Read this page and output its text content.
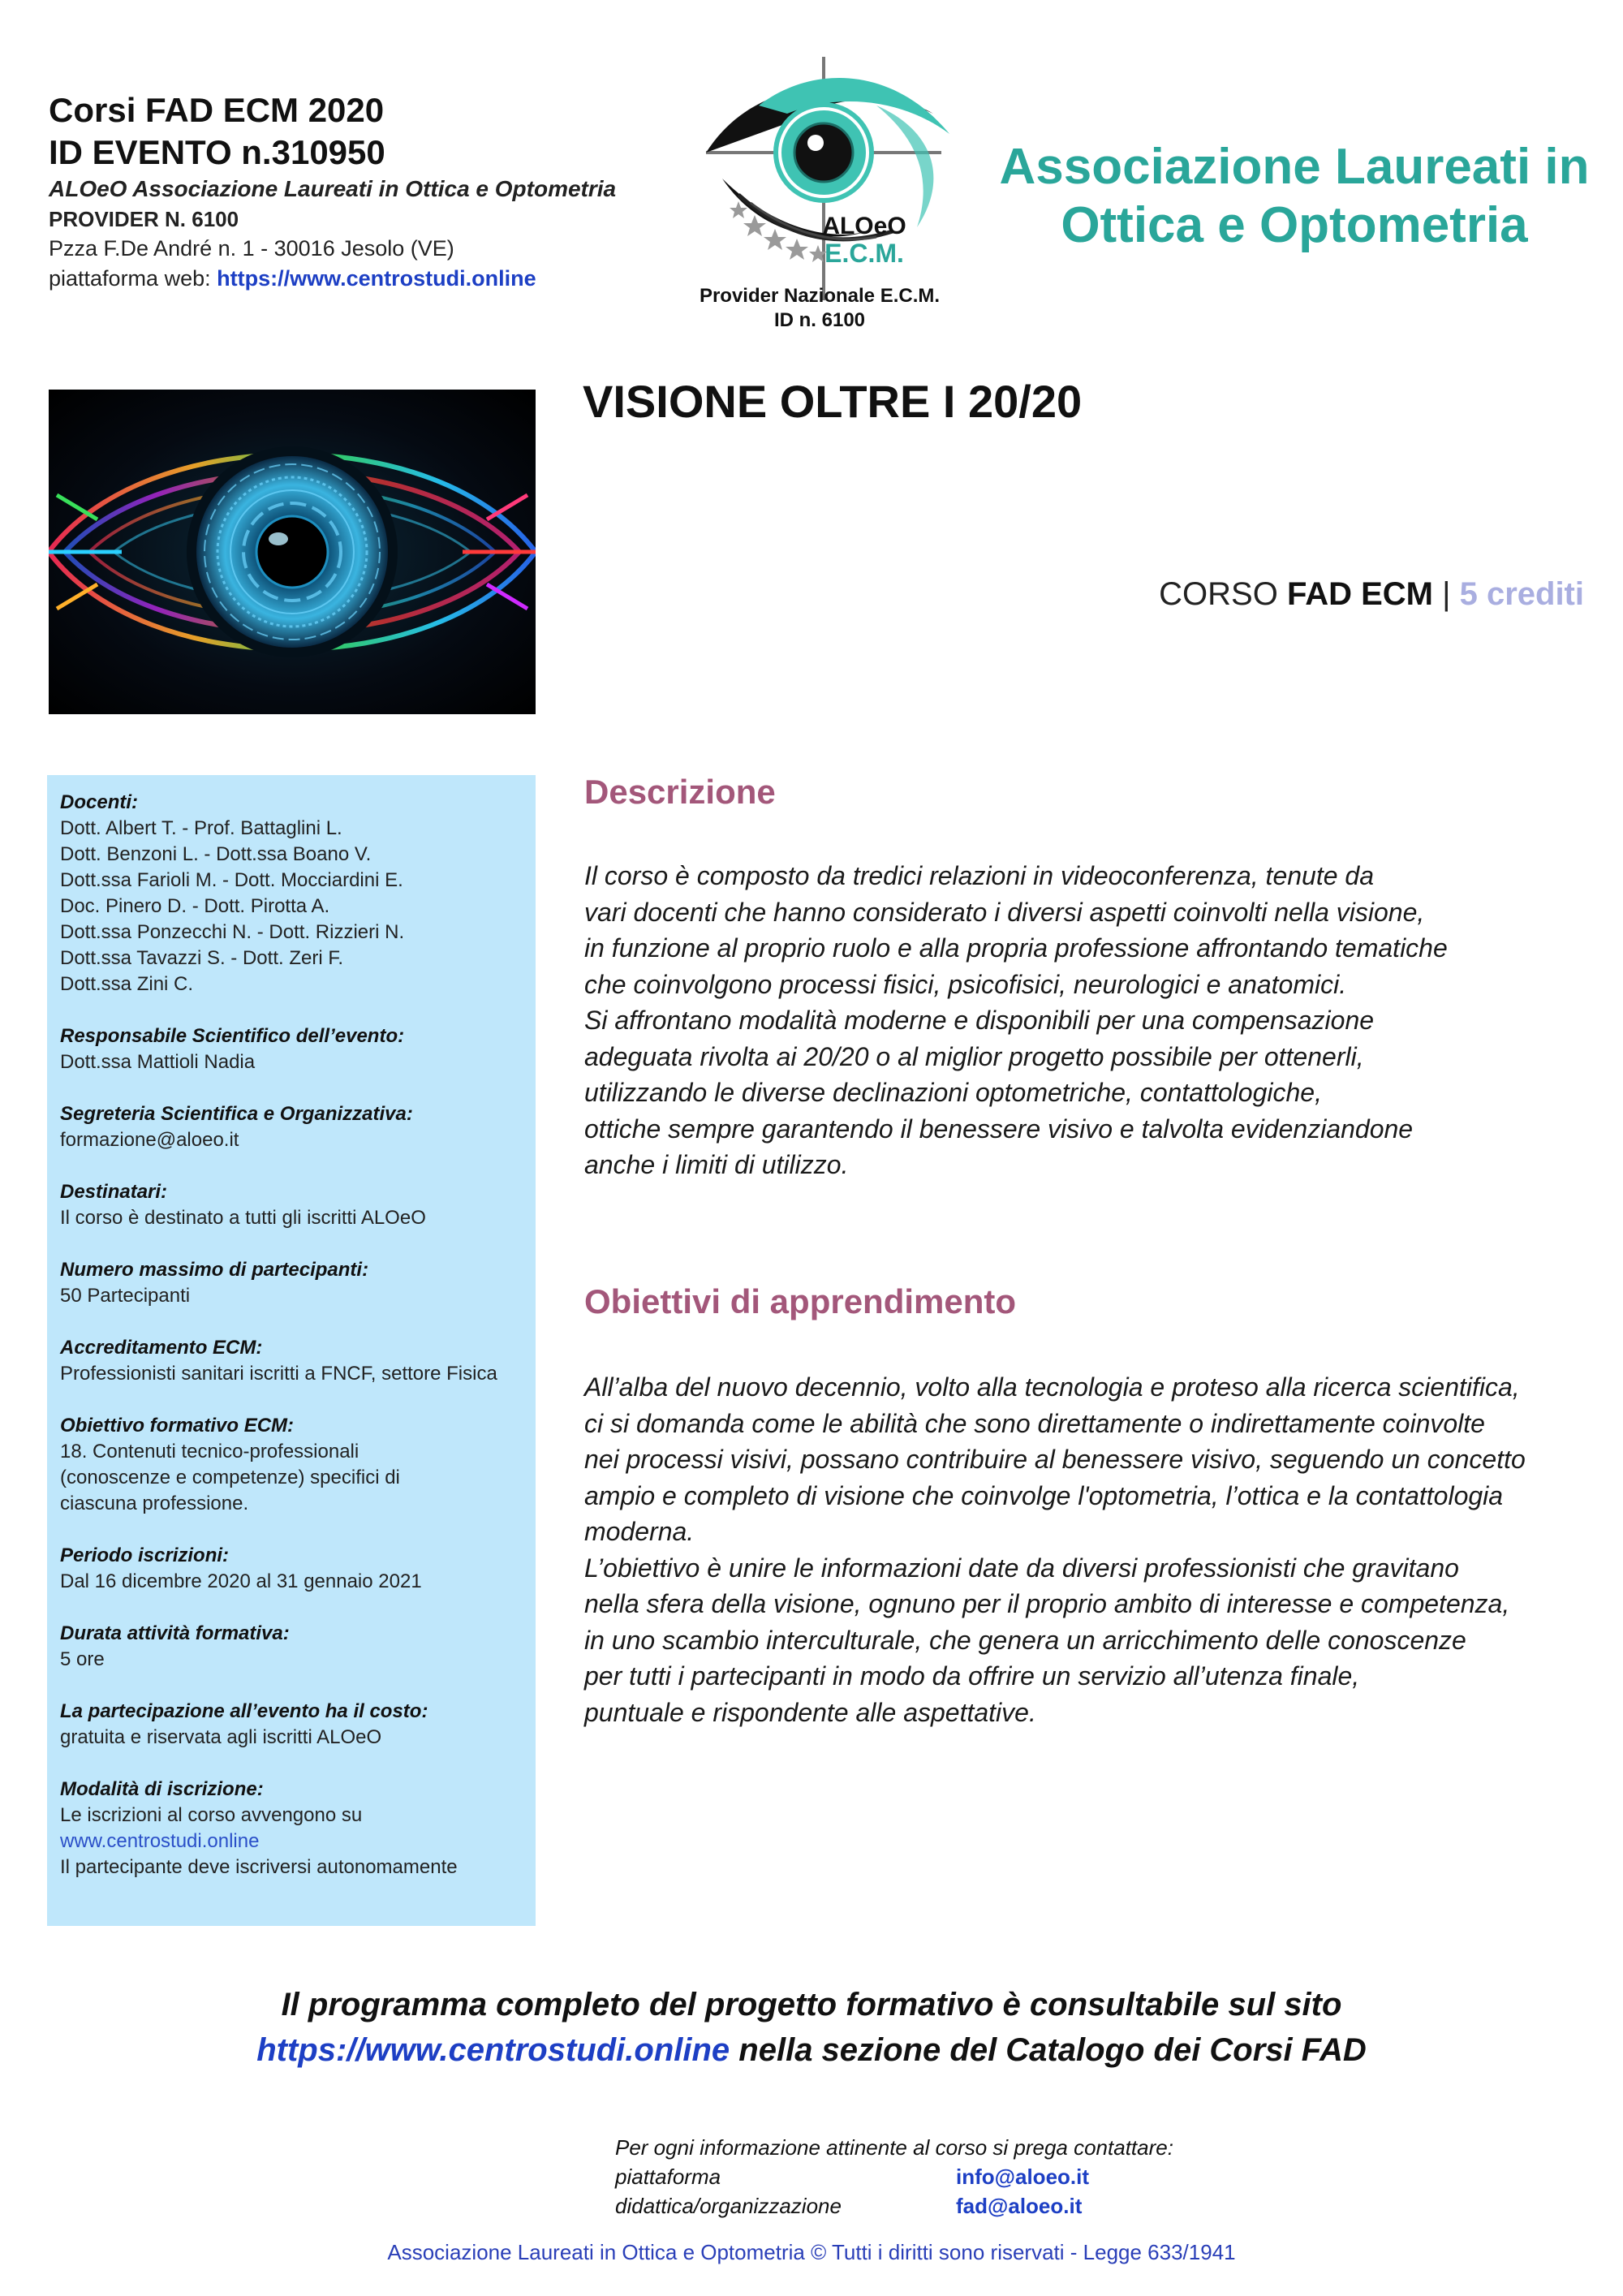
Corsi FAD ECM 2020
ID EVENTO n.310950
ALOeO Associazione Laureati in Ottica e Optometria
PROVIDER N. 6100
Pzza F.De André n. 1 - 30016 Jesolo (VE)
piattaforma web: https://www.centrostudi.online
ALOeO
E.C.M.
Provider Nazionale E.C.M.
ID n. 6100
Associazione Laureati in
Ottica e Optometria
VISIONE OLTRE I 20/20
CORSO FAD ECM | 5 crediti
Docenti:
Dott. Albert T. - Prof. Battaglini L.
Dott. Benzoni L. - Dott.ssa Boano V.
Dott.ssa Farioli M. - Dott. Mocciardini E.
Doc. Pinero D. - Dott. Pirotta A.
Dott.ssa Ponzecchi N. - Dott. Rizzieri N.
Dott.ssa Tavazzi S. - Dott. Zeri F.
Dott.ssa Zini C.
Responsabile Scientifico dell’evento:
Dott.ssa Mattioli Nadia
Segreteria Scientifica e Organizzativa:
formazione@aloeo.it
Destinatari:
Il corso è destinato a tutti gli iscritti ALOeO
Numero massimo di partecipanti:
50 Partecipanti
Accreditamento ECM:
Professionisti sanitari iscritti a FNCF, settore Fisica
Obiettivo formativo ECM:
18. Contenuti tecnico-professionali
(conoscenze e competenze) specifici di
ciascuna professione.
Periodo iscrizioni:
Dal 16 dicembre 2020 al 31 gennaio 2021
Durata attività formativa:
5 ore
La partecipazione all’evento ha il costo:
gratuita e riservata agli iscritti ALOeO
Modalità di iscrizione:
Le iscrizioni al corso avvengono su
www.centrostudi.online
Il partecipante deve iscriversi autonomamente
Descrizione
Il corso è composto da tredici relazioni in videoconferenza, tenute da
vari docenti che hanno considerato i diversi aspetti coinvolti nella visione,
in funzione al proprio ruolo e alla propria professione affrontando tematiche
che coinvolgono processi fisici, psicofisici, neurologici e anatomici.
Si affrontano modalità moderne e disponibili per una compensazione
adeguata rivolta ai 20/20 o al miglior progetto possibile per ottenerli,
utilizzando le diverse declinazioni optometriche, contattologiche,
ottiche sempre garantendo il benessere visivo e talvolta evidenziandone
anche i limiti di utilizzo.
Obiettivi di apprendimento
All’alba del nuovo decennio, volto alla tecnologia e proteso alla ricerca scientifica,
ci si domanda come le abilità che sono direttamente o indirettamente coinvolte
nei processi visivi, possano contribuire al benessere visivo, seguendo un concetto
ampio e completo di visione che coinvolge l'optometria, l’ottica e la contattologia
moderna.
L’obiettivo è unire le informazioni date da diversi professionisti che gravitano
nella sfera della visione, ognuno per il proprio ambito di interesse e competenza,
in uno scambio interculturale, che genera un arricchimento delle conoscenze
per tutti i partecipanti in modo da offrire un servizio all’utenza finale,
puntuale e rispondente alle aspettative.
Il programma completo del progetto formativo è consultabile sul sito
https://www.centrostudi.online nella sezione del Catalogo dei Corsi FAD
Per ogni informazione attinente al corso si prega contattare:
piattaforma	info@aloeo.it
didattica/organizzazione	fad@aloeo.it
Associazione Laureati in Ottica e Optometria © Tutti i diritti sono riservati - Legge 633/1941
